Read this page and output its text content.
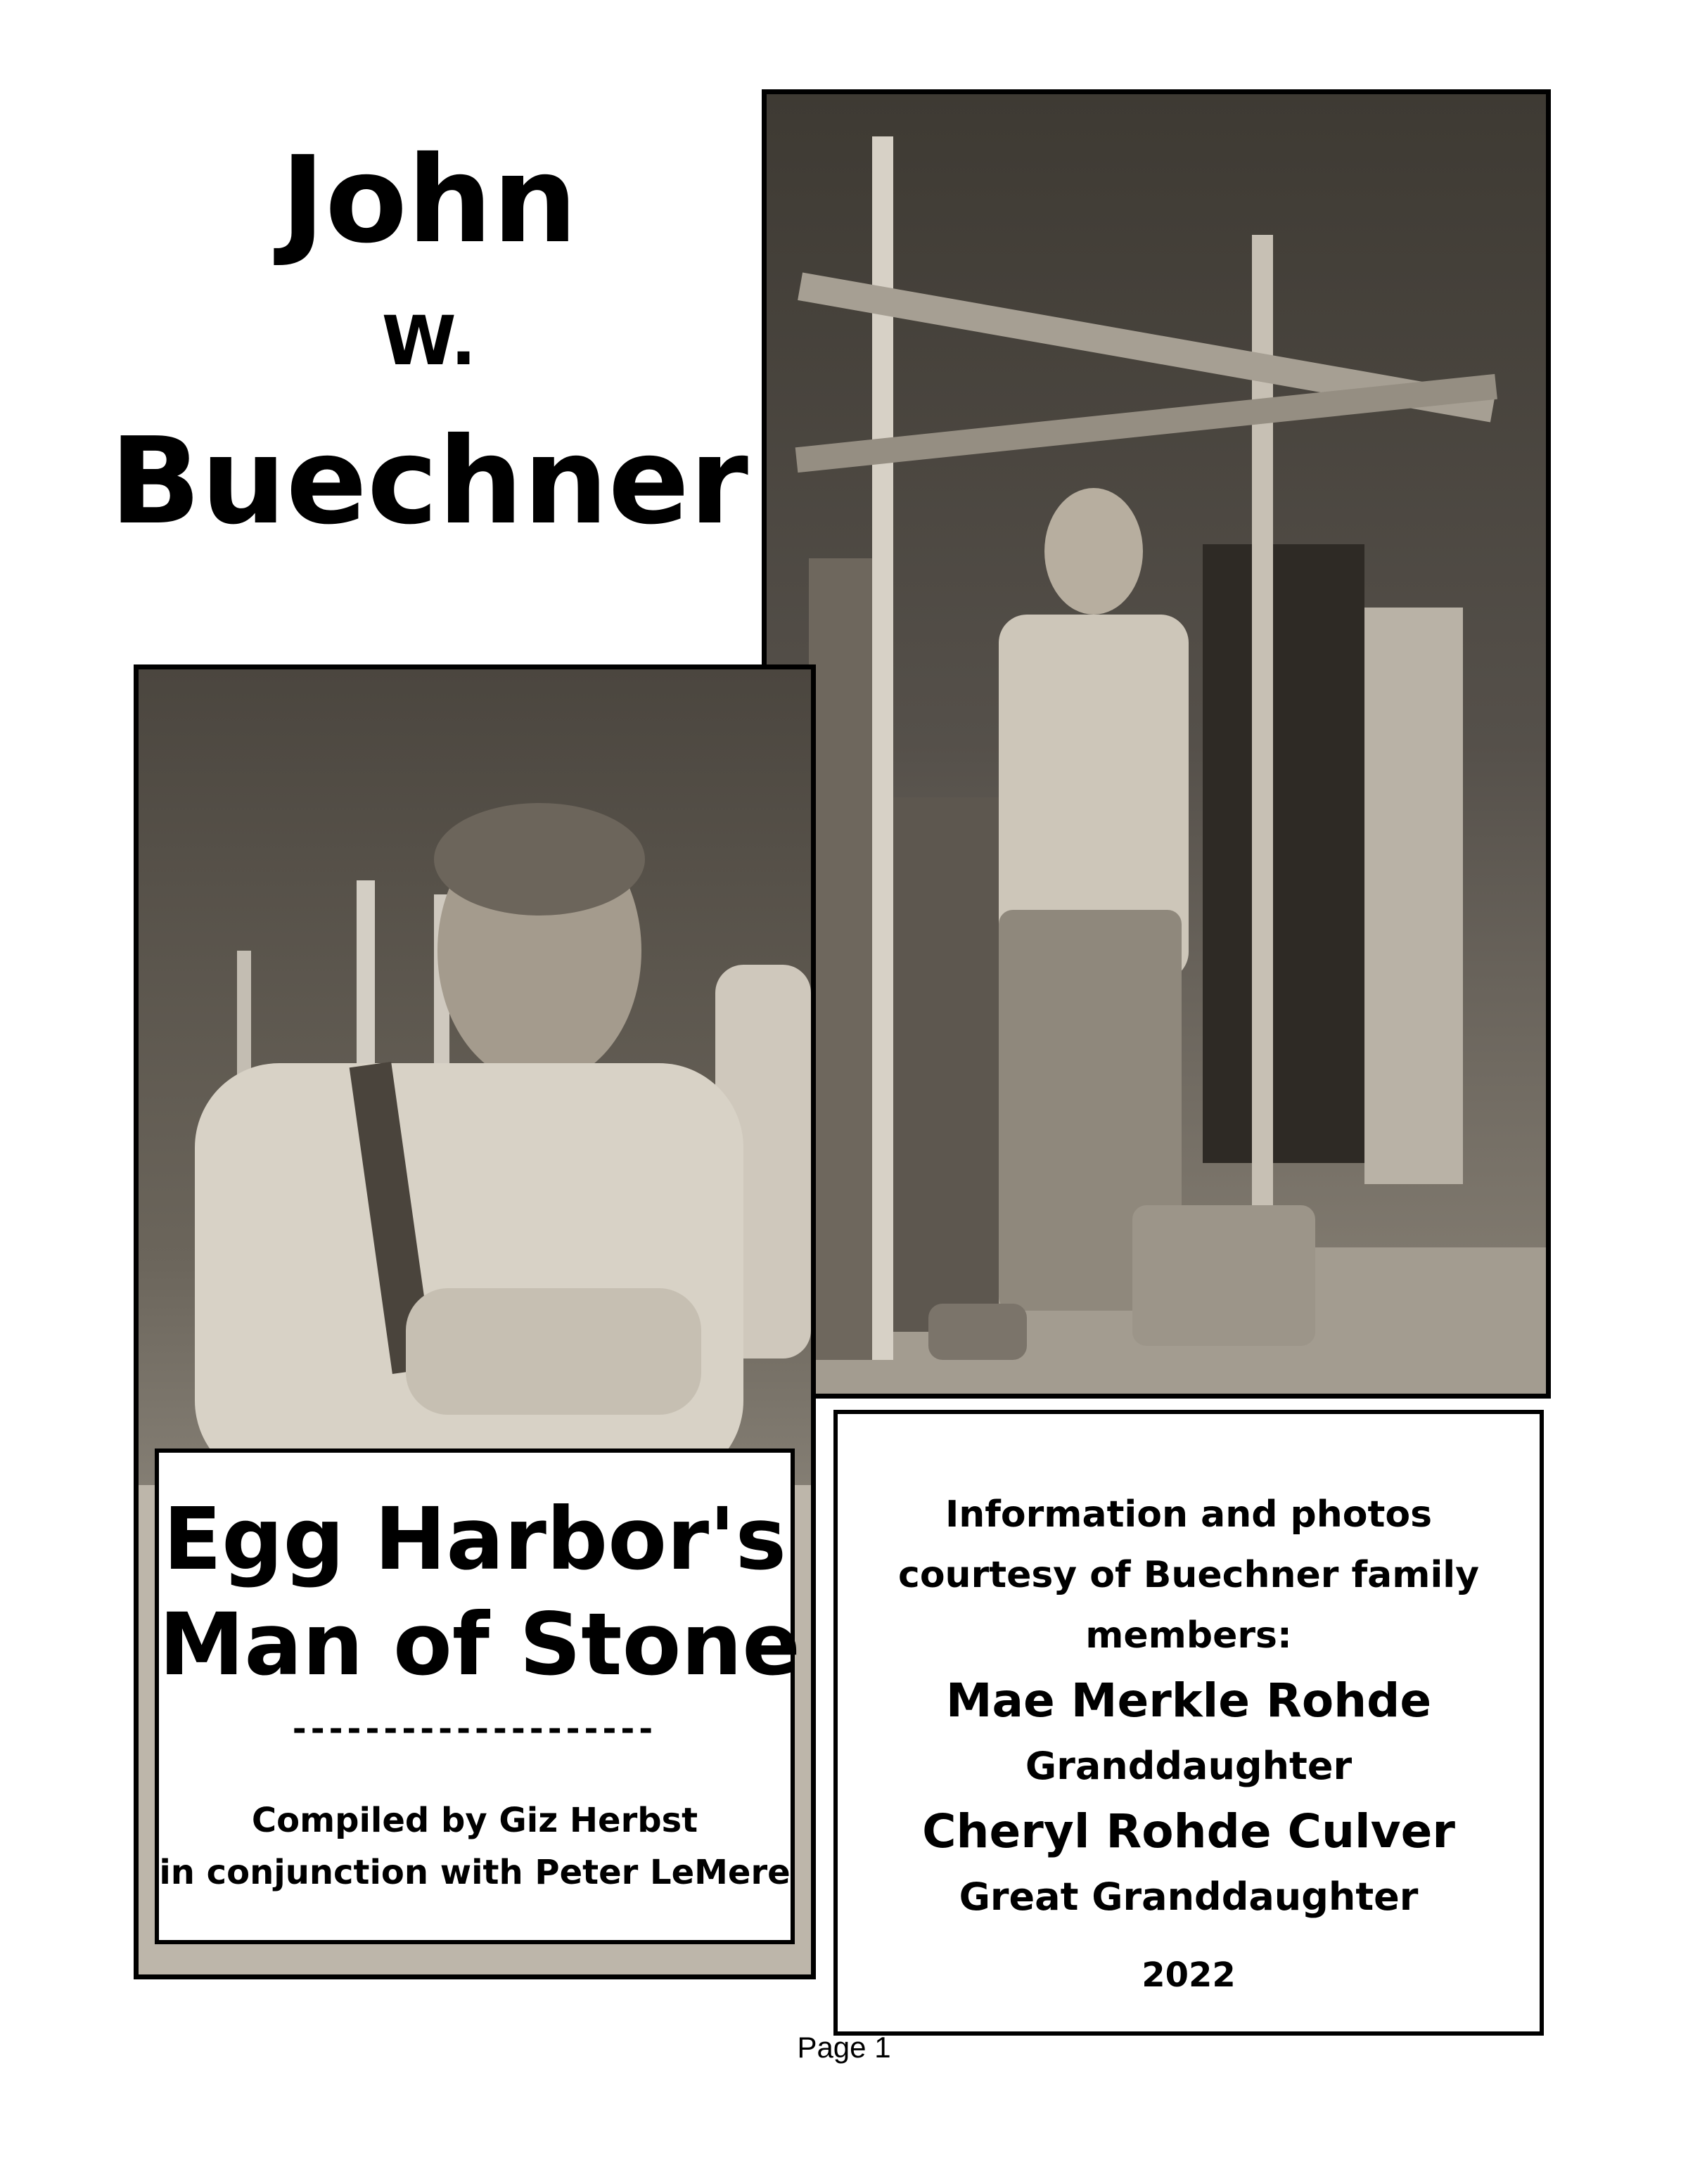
John
W.
Buechner
Egg Harbor's
Man of Stone
--------------------
Compiled by Giz Herbst
in conjunction with Peter LeMere
Information and photos
courtesy of Buechner family
members:
Mae Merkle Rohde
Granddaughter
Cheryl Rohde Culver
Great Granddaughter
2022
Page 1
